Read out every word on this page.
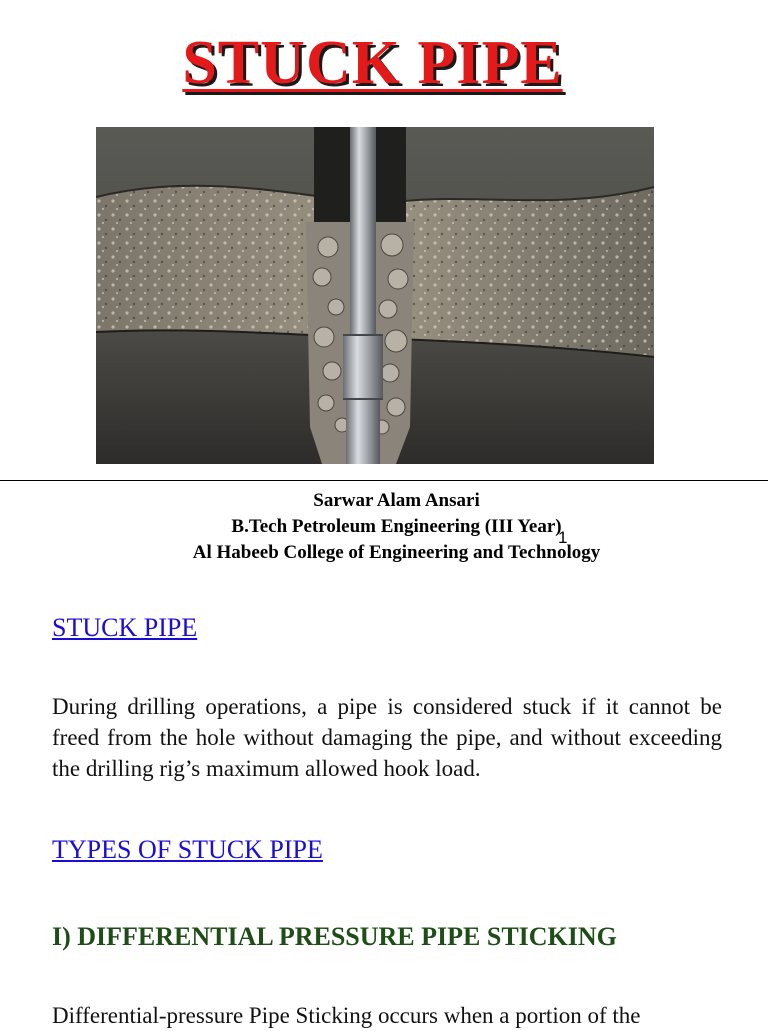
STUCK PIPE
Sarwar Alam Ansari
B.Tech Petroleum Engineering (III Year)
Al Habeeb College of Engineering and Technology
1
STUCK PIPE
During drilling operations, a pipe is considered stuck if it cannot be freed from the hole without damaging the pipe, and without exceeding the drilling rig’s maximum allowed hook load.
TYPES OF STUCK PIPE
I) DIFFERENTIAL PRESSURE PIPE STICKING
Differential-pressure Pipe Sticking occurs when a portion of the
